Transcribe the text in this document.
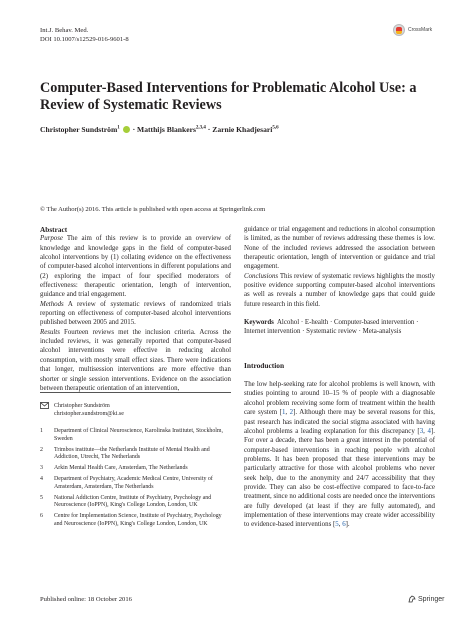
Int.J. Behav. Med.
DOI 10.1007/s12529-016-9601-8
CrossMark
Computer-Based Interventions for Problematic Alcohol Use: a Review of Systematic Reviews
Christopher Sundström$^1$  · Matthijs Blankers$^{2,3,4}$ · Zarnie Khadjesari$^{5,6}$
© The Author(s) 2016. This article is published with open access at Springerlink.com

Abstract

Purpose The aim of this review is to provide an overview of knowledge and knowledge gaps in the field of computer-based alcohol interventions by (1) collating evidence on the effectiveness of computer-based alcohol interventions in different populations and (2) exploring the impact of four specified moderators of effectiveness: therapeutic orientation, length of intervention, guidance and trial engagement.

Methods A review of systematic reviews of randomized trials reporting on effectiveness of computer-based alcohol interventions published between 2005 and 2015.

Results Fourteen reviews met the inclusion criteria. Across the included reviews, it was generally reported that computer-based alcohol interventions were effective in reducing alcohol consumption, with mostly small effect sizes. There were indications that longer, multisession interventions are more effective than shorter or single session interventions. Evidence on the association between therapeutic orientation of an intervention,

guidance or trial engagement and reductions in alcohol consumption is limited, as the number of reviews addressing these themes is low. None of the included reviews addressed the association between therapeutic orientation, length of intervention or guidance and trial engagement.

Conclusions This review of systematic reviews highlights the mostly positive evidence supporting computer-based alcohol interventions as well as reveals a number of knowledge gaps that could guide future research in this field.

Keywords Alcohol · E-health · Computer-based intervention · Internet intervention · Systematic review · Meta-analysis

Introduction

The low help-seeking rate for alcohol problems is well known, with studies pointing to around 10–15 % of people with a diagnosable alcohol problem receiving some form of treatment within the health care system [1, 2]. Although there may be several reasons for this, past research has indicated the social stigma associated with having alcohol problems a leading explanation for this discrepancy [3, 4]. For over a decade, there has been a great interest in the potential of computer-based interventions in reaching people with alcohol problems. It has been proposed that these interventions may be particularly attractive for those with alcohol problems who never seek help, due to the anonymity and 24/7 accessibility that they provide. They can also be cost-effective compared to face-to-face treatment, since no additional costs are needed once the interventions are fully developed (at least if they are fully automated), and implementation of these interventions may create wider accessibility to evidence-based interventions [5, 6].

Christopher Sundström
christopher.sundstrom@ki.se
1	Department of Clinical Neuroscience, Karolinska Institutet, Stockholm, Sweden
2	Trimbos institute—the Netherlands Institute of Mental Health and Addiction, Utrecht, The Netherlands
3	Arkin Mental Health Care, Amsterdam, The Netherlands
4	Department of Psychiatry, Academic Medical Centre, University of Amsterdam, Amsterdam, The Netherlands
5	National Addiction Centre, Institute of Psychiatry, Psychology and Neuroscience (IoPPN), King's College London, London, UK
6	Centre for Implementation Science, Institute of Psychiatry, Psychology and Neuroscience (IoPPN), King's College London, London, UK
Published online: 18 October 2016	Springer
